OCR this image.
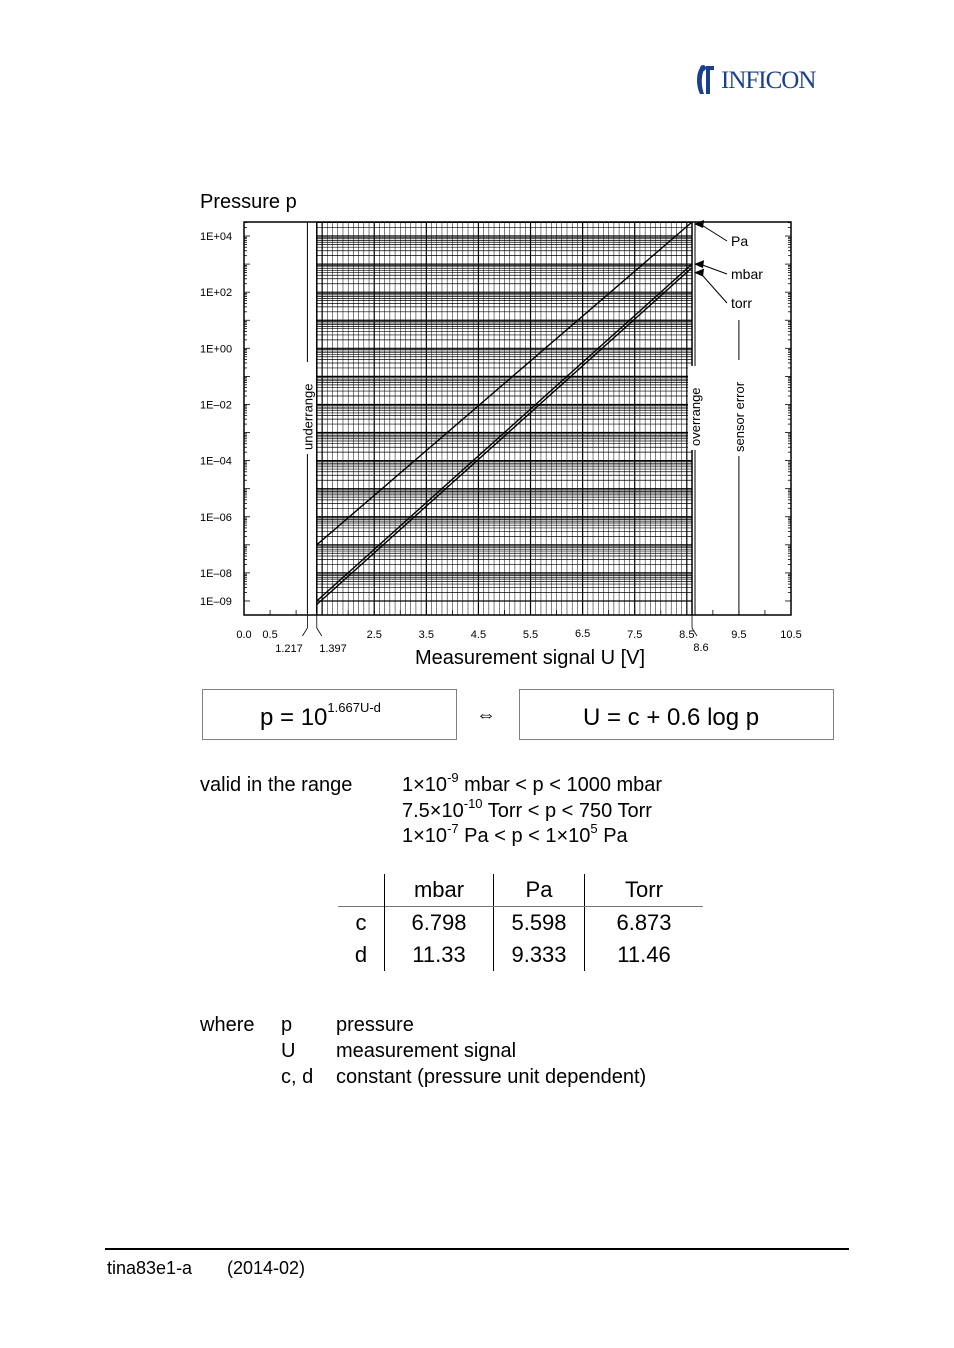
INFICON
Pa
mbar
torr
1E+04
1E+02
1E+00
1E–02
1E–04
1E–06
1E–08
1E–09
0.0 0.5	2.5	3.5	4.5	5.5	6.5	7.5	8.5	9.5	10.5
1.217 1.397	8.6
underrange	overrange sensor error
Pressure p
Measurement signal U [V]
$p = 10^{1.667U-d}$	⇔	U = c + 0.6 log p
valid in the range $1\times 10^{-9}$ mbar < p < 1000 mbar
$7.5\times 10^{-10}$ Torr < p < 750 Torr
$1\times 10^{-7}$ $Pa < p < 1\times 10^5$ Pa
	mbar	Pa	Torr
c	6.798	5.598	6.873
d	11.33	9.333	11.46
where p pressure
U measurement signal
c, d constant (pressure unit dependent)
tina83e1-a (2014-02)
